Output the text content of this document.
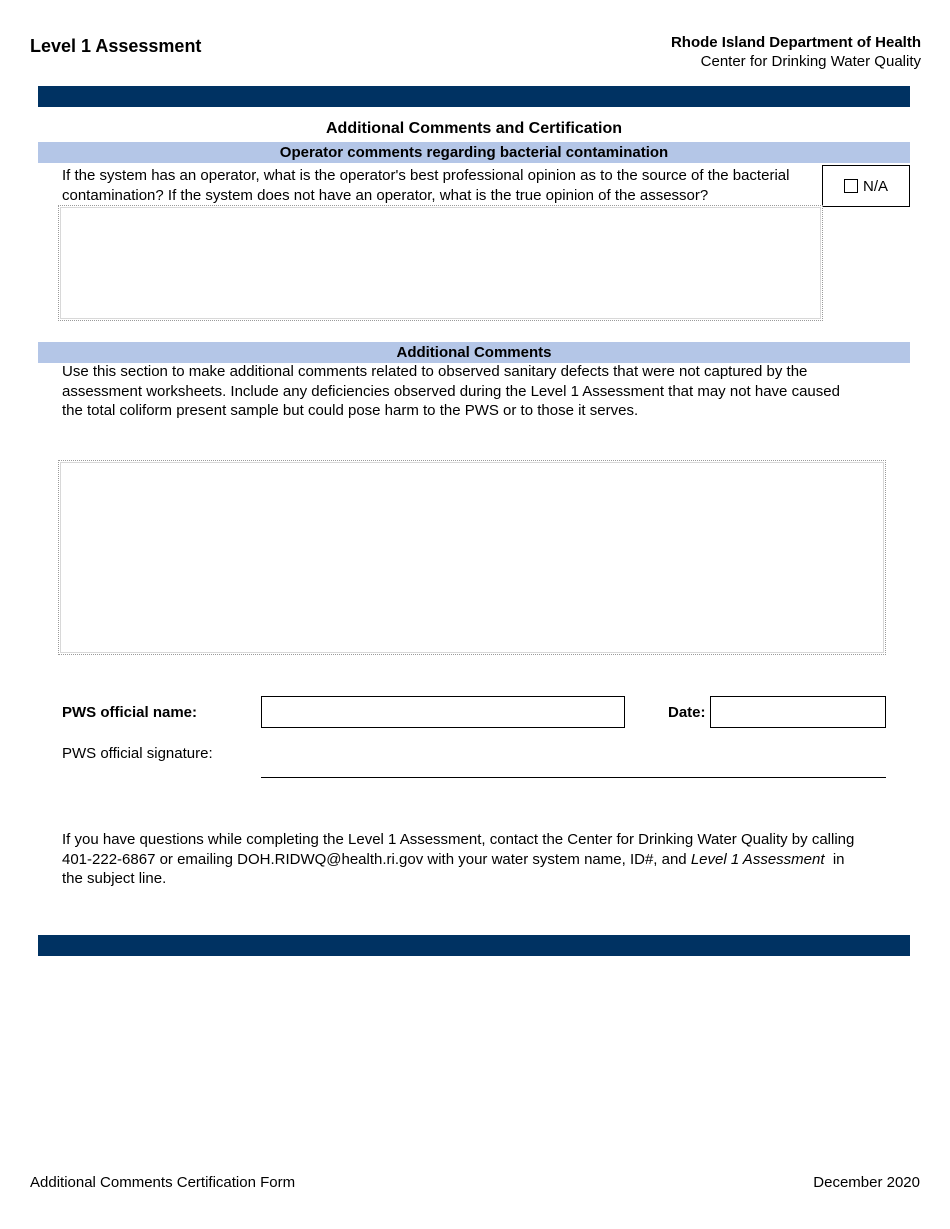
Level 1 Assessment	Rhode Island Department of Health
Center for Drinking Water Quality
Additional Comments and Certification
Operator comments regarding bacterial contamination
If the system has an operator, what is the operator's best professional opinion as to the source of the bacterial
contamination? If the system does not have an operator, what is the true opinion of the assessor?
N/A
Additional Comments
Use this section to make additional comments related to observed sanitary defects that were not captured by the
assessment worksheets. Include any deficiencies observed during the Level 1 Assessment that may not have caused
the total coliform present sample but could pose harm to the PWS or to those it serves.
PWS official name:	Date:
PWS official signature:
If you have questions while completing the Level 1 Assessment, contact the Center for Drinking Water Quality by calling
401-222-6867 or emailing DOH.RIDWQ@health.ri.gov with your water system name, ID#, and Level 1 Assessment  in
the subject line.
Additional Comments Certification Form	December 2020
